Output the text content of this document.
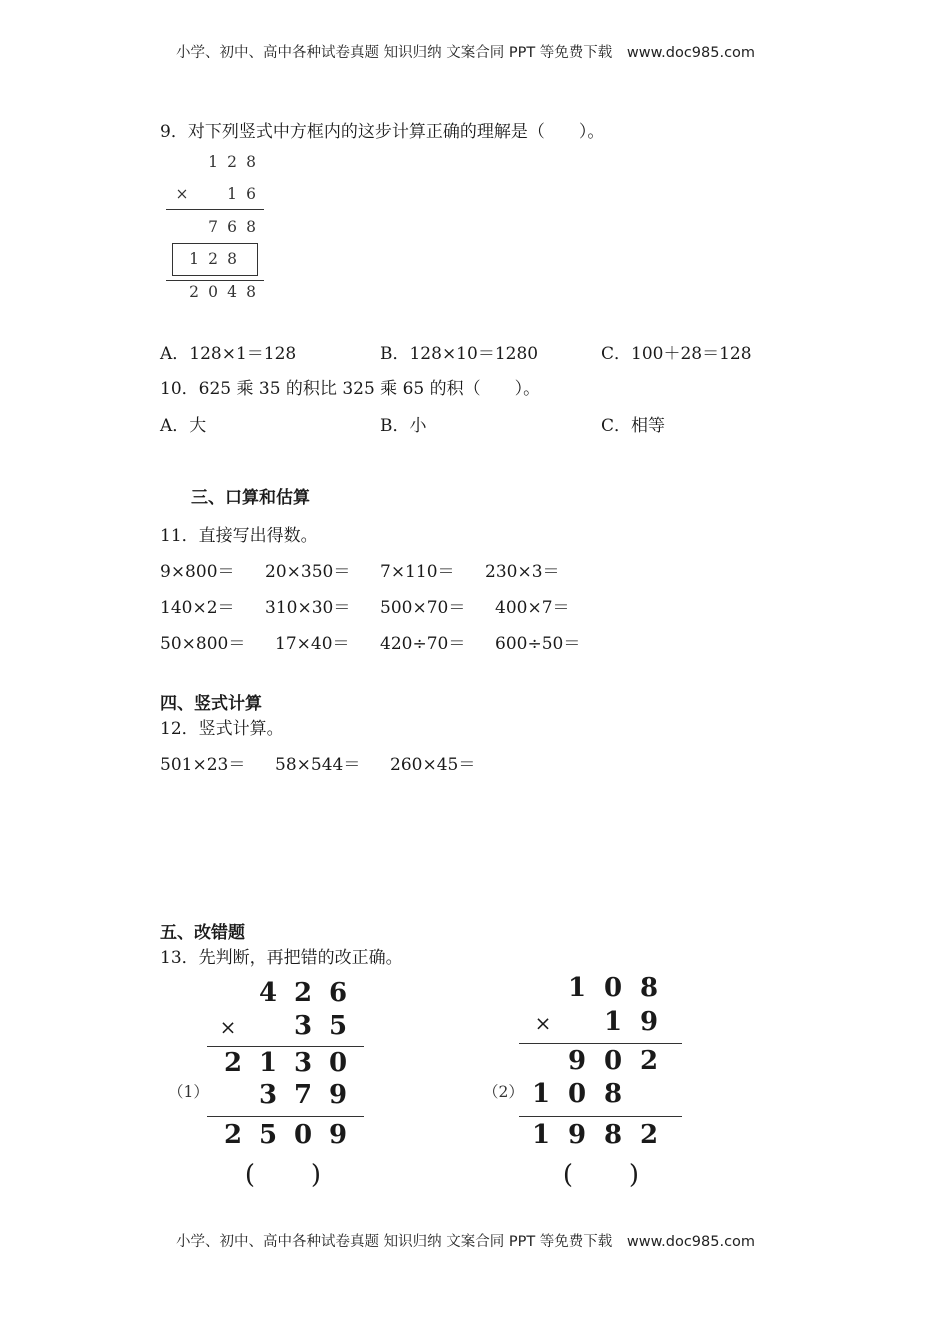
小学、初中、高中各种试卷真题 知识归纳 文案合同 PPT 等免费下载 www.doc985.com
9．对下列竖式中方框内的这步计算正确的理解是（　　）。
1 2 8
×	1 6
7 6 8
1 2 8
2 0 4 8
A．128×1＝128	B．128×10＝1280	C．100＋28＝128
10．625 乘 35 的积比 325 乘 65 的积（　　）。
A．大	B．小	C．相等
三、口算和估算
11．直接写出得数。
9×800＝ 20×350＝ 7×110＝ 230×3＝
140×2＝ 310×30＝ 500×70＝ 400×7＝
50×800＝ 17×40＝ 420÷70＝ 600÷50＝
四、竖式计算
12．竖式计算。
501×23＝ 58×544＝ 260×45＝
五、改错题
13．先判断，再把错的改正确。
（1）
4 2 6
× 3 5
2 1 3 0
3 7 9
2 5 0 9
( )
（2）
1 0 8
× 1 9
9 0 2
1 0 8
1 9 8 2
( )
小学、初中、高中各种试卷真题 知识归纳 文案合同 PPT 等免费下载 www.doc985.com
